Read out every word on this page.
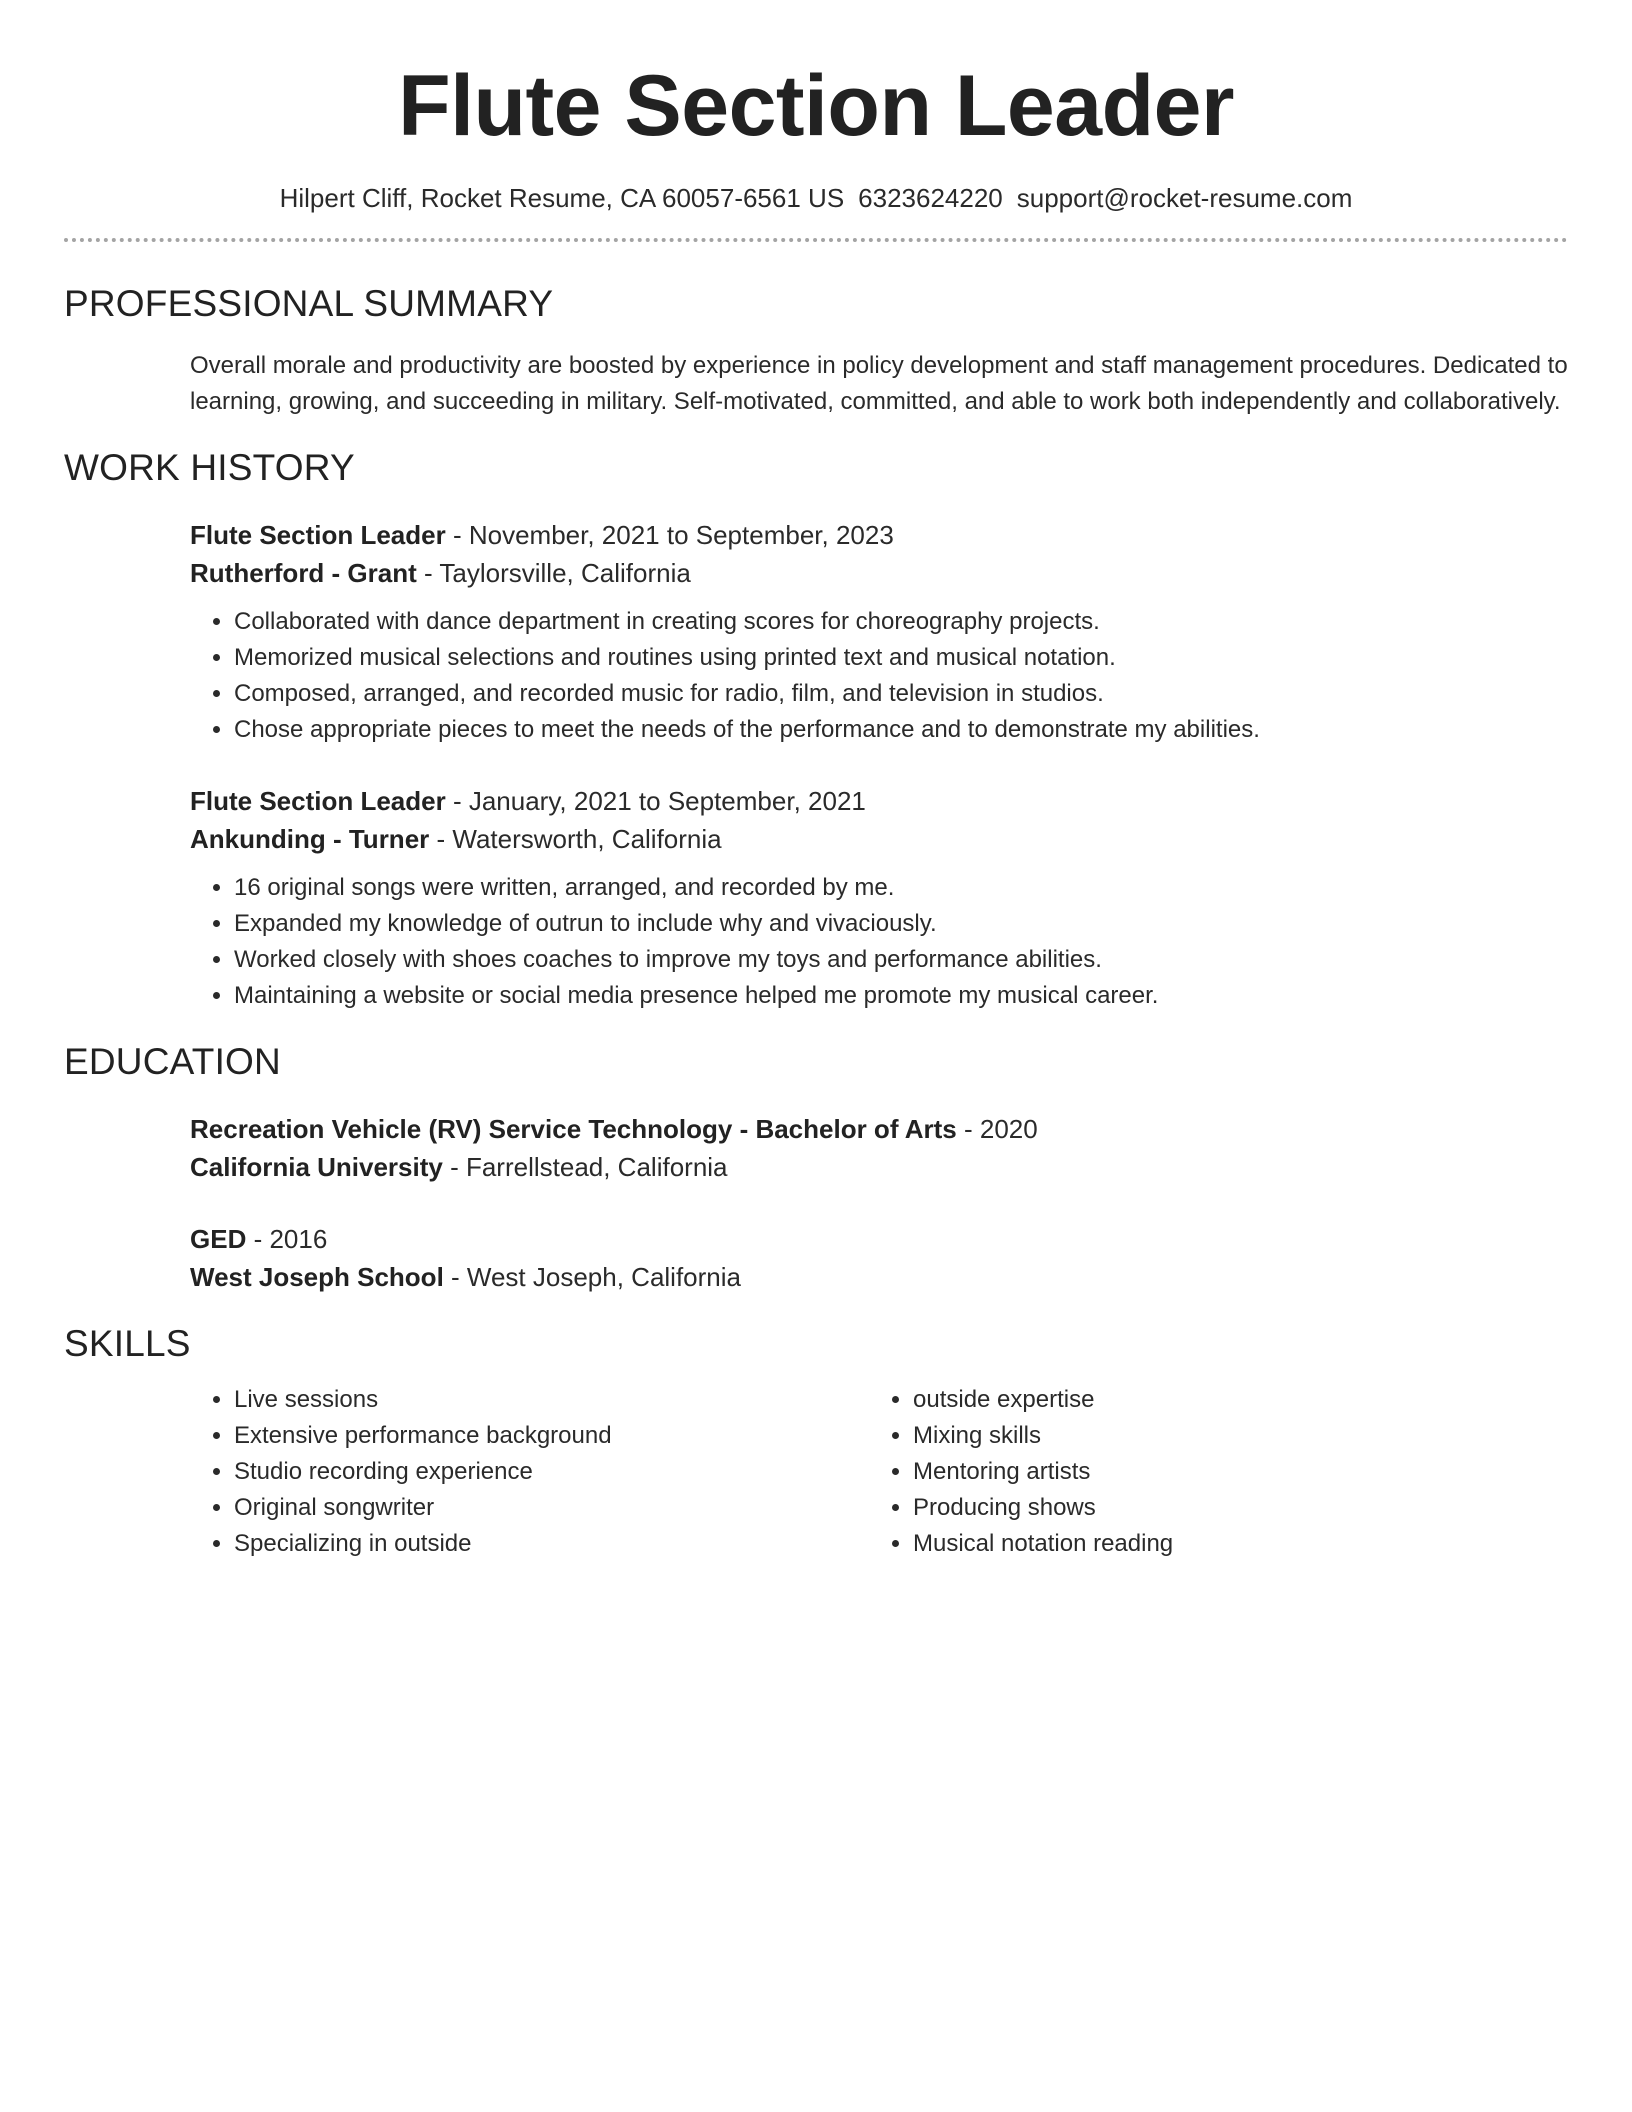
Flute Section Leader
Hilpert Cliff, Rocket Resume, CA 60057-6561 US 6323624220 support@rocket-resume.com
PROFESSIONAL SUMMARY
Overall morale and productivity are boosted by experience in policy development and staff management procedures. Dedicated to learning, growing, and succeeding in military. Self-motivated, committed, and able to work both independently and collaboratively.
WORK HISTORY
Flute Section Leader - November, 2021 to September, 2023
Rutherford - Grant - Taylorsville, California
• Collaborated with dance department in creating scores for choreography projects.
• Memorized musical selections and routines using printed text and musical notation.
• Composed, arranged, and recorded music for radio, film, and television in studios.
• Chose appropriate pieces to meet the needs of the performance and to demonstrate my abilities.
Flute Section Leader - January, 2021 to September, 2021
Ankunding - Turner - Watersworth, California
• 16 original songs were written, arranged, and recorded by me.
• Expanded my knowledge of outrun to include why and vivaciously.
• Worked closely with shoes coaches to improve my toys and performance abilities.
• Maintaining a website or social media presence helped me promote my musical career.
EDUCATION
Recreation Vehicle (RV) Service Technology - Bachelor of Arts - 2020
California University - Farrellstead, California
GED - 2016
West Joseph School - West Joseph, California
SKILLS
• Live sessions
• Extensive performance background
• Studio recording experience
• Original songwriter
• Specializing in outside
• outside expertise
• Mixing skills
• Mentoring artists
• Producing shows
• Musical notation reading
